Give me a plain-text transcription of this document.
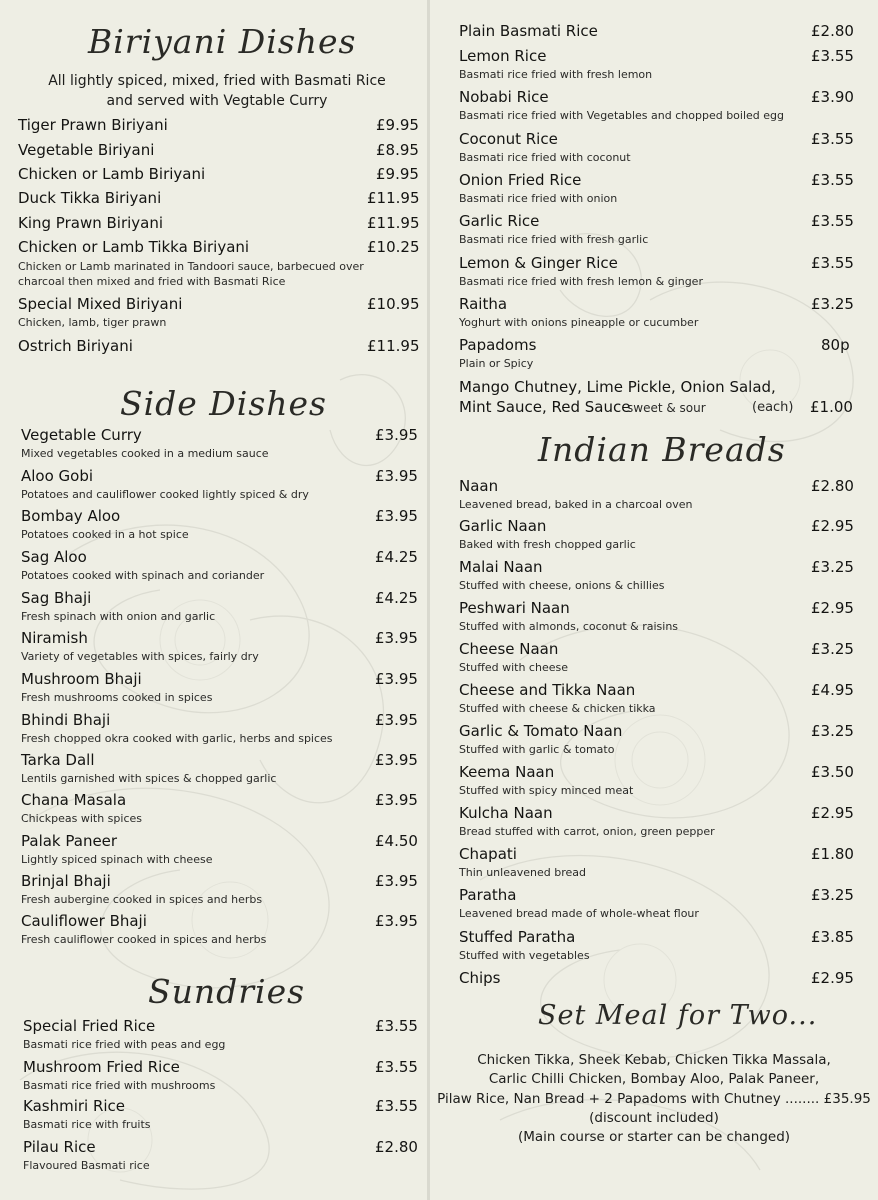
Biriyani Dishes
All lightly spiced, mixed, fried with Basmati Rice
and served with Vegtable Curry
Tiger Prawn Biriyani	£9.95
Vegetable Biriyani	£8.95
Chicken or Lamb Biriyani	£9.95
Duck Tikka Biriyani	£11.95
King Prawn Biriyani	£11.95
Chicken or Lamb Tikka Biriyani	£10.25
Chicken or Lamb marinated in Tandoori sauce, barbecued over
charcoal then mixed and fried with Basmati Rice
Special Mixed Biriyani	£10.95
Chicken, lamb, tiger prawn
Ostrich Biriyani	£11.95
Side Dishes
Vegetable Curry
Mixed vegetables cooked in a medium sauce
£3.95
Aloo Gobi
Potatoes and cauliflower cooked lightly spiced & dry
£3.95
Bombay Aloo
Potatoes cooked in a hot spice
£3.95
Sag Aloo
Potatoes cooked with spinach and coriander
£4.25
Sag Bhaji
Fresh spinach with onion and garlic
£4.25
Niramish
Variety of vegetables with spices, fairly dry
£3.95
Mushroom Bhaji
Fresh mushrooms cooked in spices
£3.95
Bhindi Bhaji
Fresh chopped okra cooked with garlic, herbs and spices
£3.95
Tarka Dall
Lentils garnished with spices & chopped garlic
£3.95
Chana Masala
Chickpeas with spices
£3.95
Palak Paneer
Lightly spiced spinach with cheese
£4.50
Brinjal Bhaji
Fresh aubergine cooked in spices and herbs
£3.95
Cauliflower Bhaji
Fresh cauliflower cooked in spices and herbs
£3.95
Sundries
Special Fried Rice
Basmati rice fried with peas and egg
£3.55
Mushroom Fried Rice
Basmati rice fried with mushrooms
£3.55
Kashmiri Rice
Basmati rice with fruits
£3.55
Pilau Rice
Flavoured Basmati rice
£2.80
Plain Basmati Rice	£2.80
Lemon Rice
Basmati rice fried with fresh lemon
£3.55
Nobabi Rice
Basmati rice fried with Vegetables and chopped boiled egg
£3.90
Coconut Rice
Basmati rice fried with coconut
£3.55
Onion Fried Rice
Basmati rice fried with onion
£3.55
Garlic Rice
Basmati rice fried with fresh garlic
£3.55
Lemon & Ginger Rice
Basmati rice fried with fresh lemon & ginger
£3.55
Raitha
Yoghurt with onions pineapple or cucumber
£3.25
Papadoms
Plain or Spicy
80p
Mango Chutney, Lime Pickle, Onion Salad,
Mint Sauce, Red Sauce
sweet & sour	(each) £1.00
Indian Breads
Naan
Leavened bread, baked in a charcoal oven
£2.80
Garlic Naan
Baked with fresh chopped garlic
£2.95
Malai Naan
Stuffed with cheese, onions & chillies
£3.25
Peshwari Naan
Stuffed with almonds, coconut & raisins
£2.95
Cheese Naan
Stuffed with cheese
£3.25
Cheese and Tikka Naan
Stuffed with cheese & chicken tikka
£4.95
Garlic & Tomato Naan
Stuffed with garlic & tomato
£3.25
Keema Naan
Stuffed with spicy minced meat
£3.50
Kulcha Naan
Bread stuffed with carrot, onion, green pepper
£2.95
Chapati
Thin unleavened bread
£1.80
Paratha
Leavened bread made of whole-wheat flour
£3.25
Stuffed Paratha
Stuffed with vegetables
£3.85
Chips	£2.95
Set Meal for Two...
Chicken Tikka, Sheek Kebab, Chicken Tikka Massala,
Carlic Chilli Chicken, Bombay Aloo, Palak Paneer,
Pilaw Rice, Nan Bread + 2 Papadoms with Chutney ........ £35.95
(discount included)
(Main course or starter can be changed)
